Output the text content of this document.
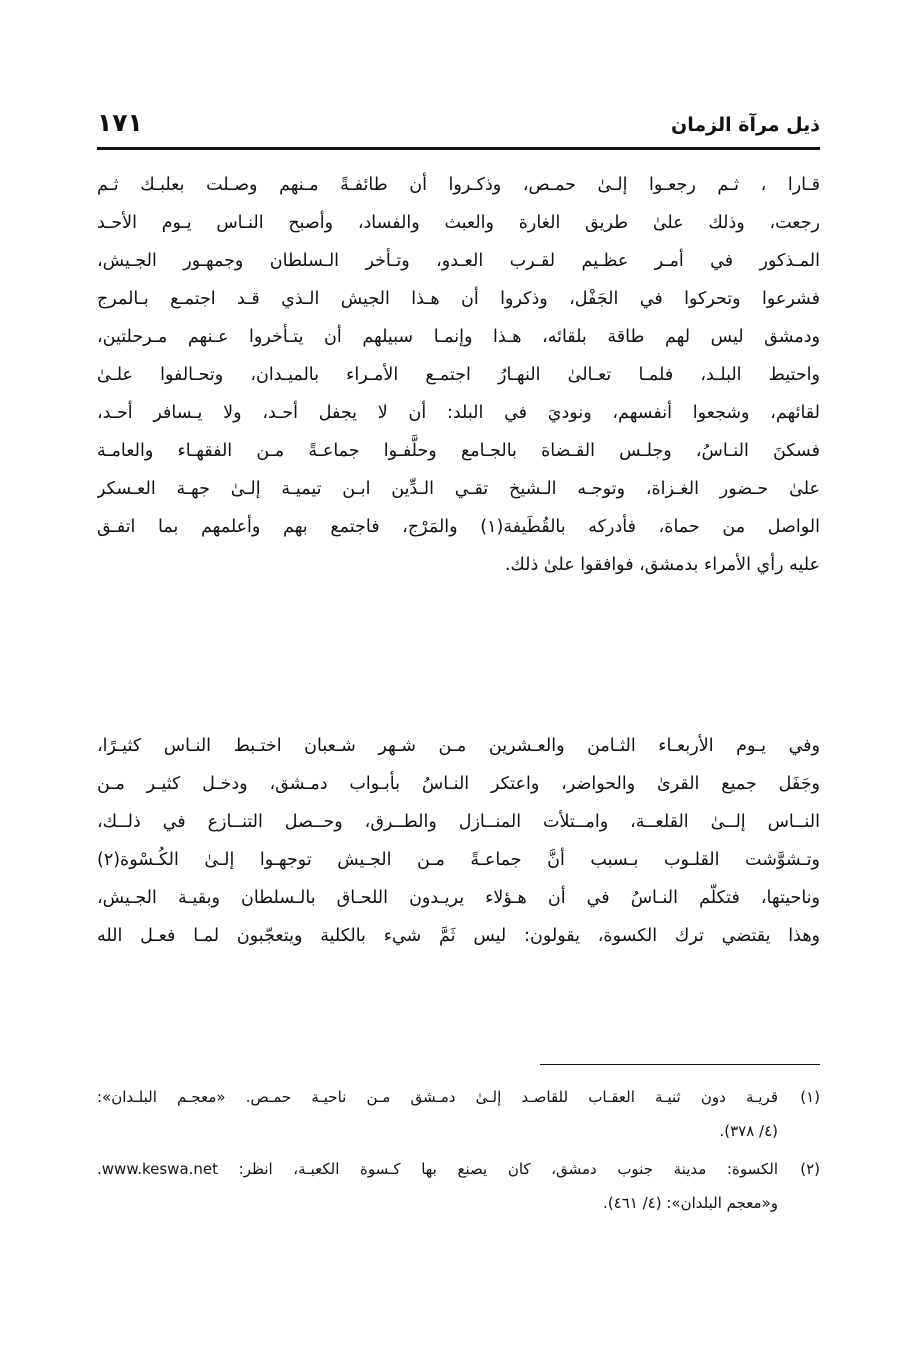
ذيل مرآة الزمان
١٧١
قـارا ، ثـم رجعـوا إلـىٰ حمـص، وذكـروا أن طائفـةً مـنهم وصـلت بعلبـك ثـم
رجعت، وذلك علىٰ طريق الغارة والعبث والفساد، وأصبح النـاس يـوم الأحـد
المـذكور في أمـر عظـيم لقـرب العـدو، وتـأخر الـسلطان وجمهـور الجـيش،
فشرعوا وتحركوا في الجَفْل، وذكروا أن هـذا الجيش الـذي قـد اجتمـع بـالمرج
ودمشق ليس لهم طاقة بلقائه، هـذا وإنمـا سبيلهم أن يتـأخروا عـنهم مـرحلتين،
واحتيط البلـد، فلمـا تعـالىٰ النهـارُ اجتمـع الأمـراء بالميـدان، وتحـالفوا علـىٰ
لقائهم، وشجعوا أنفسهم، ونوديَ في البلد: أن لا يجفل أحـد، ولا يـسافر أحـد،
فسكنَ النـاسُ، وجلـس القـضاة بالجـامع وحلَّفـوا جماعـةً مـن الفقهـاء والعامـة
علىٰ حـضور الغـزاة، وتوجـه الـشيخ تقـي الـدِّين ابـن تيميـة إلـىٰ جهـة العـسكر
الواصل من حماة، فأدركه بالقُطَيفة(١) والمَرْج، فاجتمع بهم وأعلمهم بما اتفـق
عليه رأي الأمراء بدمشق، فوافقوا علىٰ ذلك.
وفي يـوم الأربعـاء الثـامن والعـشرين مـن شـهر شـعبان اختـبط النـاس كثيـرًا،
وجَفَل جميع القرىٰ والحواضر، واعتكر النـاسُ بأبـواب دمـشق، ودخـل كثيـر مـن
النــاس إلــىٰ القلعــة، وامــتلأت المنــازل والطــرق، وحــصل التنــازع في ذلــك،
وتـشوَّشت القلـوب بـسبب أنَّ جماعـةً مـن الجـيش توجهـوا إلـىٰ الكُـسْوة(٢)
وناحيتها، فتكلّم النـاسُ في أن هـؤلاء يريـدون اللحـاق بالـسلطان وبقيـة الجـيش،
وهذا يقتضي ترك الكسوة، يقولون: ليس ثَمَّ شيء بالكلية ويتعجّبون لمـا فعـل الله
(١)
قريـة دون ثنيـة العقـاب للقاصـد إلـىٰ دمـشق مـن ناحيـة حمـص. «معجـم البلـدان»:
(٤/ ٣٧٨).
(٢)
الكسوة: مدينة جنوب دمشق، كان يصنع بها كـسوة الكعبـة، انظر: www.keswa.net.
و«معجم البلدان»: (٤/ ٤٦١).
